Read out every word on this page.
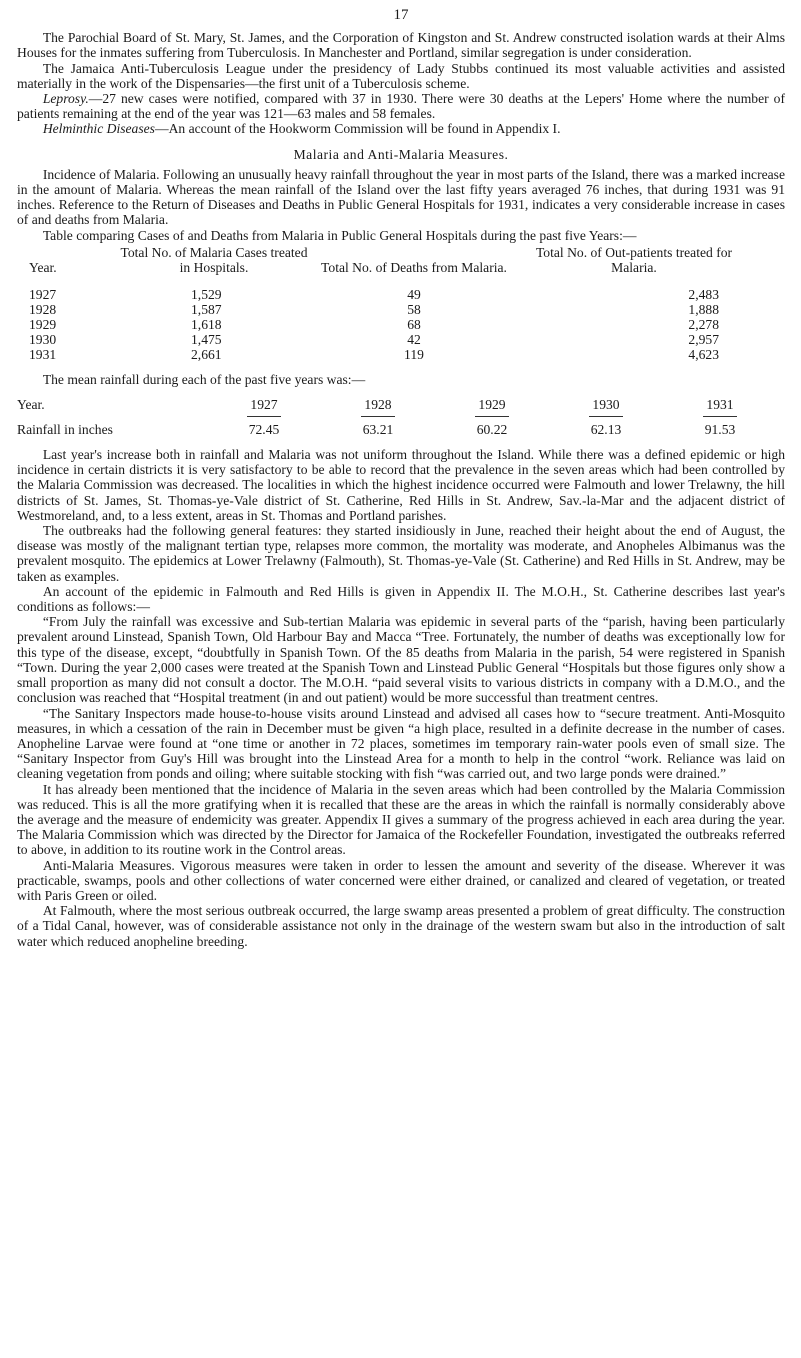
17

The Parochial Board of St. Mary, St. James, and the Corporation of Kingston and St. Andrew constructed isolation wards at their Alms Houses for the inmates suffering from Tuberculosis. In Manchester and Portland, similar segregation is under consideration.

The Jamaica Anti-Tuberculosis League under the presidency of Lady Stubbs continued its most valuable activities and assisted materially in the work of the Dispensaries—the first unit of a Tuberculosis scheme.

Leprosy.—27 new cases were notified, compared with 37 in 1930. There were 30 deaths at the Lepers' Home where the number of patients remaining at the end of the year was 121—63 males and 58 females.

Helminthic Diseases—An account of the Hookworm Commission will be found in Appendix I.

Malaria and Anti-Malaria Measures.

Incidence of Malaria. Following an unusually heavy rainfall throughout the year in most parts of the Island, there was a marked increase in the amount of Malaria. Whereas the mean rainfall of the Island over the last fifty years averaged 76 inches, that during 1931 was 91 inches. Reference to the Return of Diseases and Deaths in Public General Hospitals for 1931, indicates a very considerable increase in cases of and deaths from Malaria.

Table comparing Cases of and Deaths from Malaria in Public General Hospitals during the past five Years:—

Year.	Total No. of Malaria Cases treated in Hospitals.	Total No. of Deaths from Malaria.	Total No. of Out-patients treated for Malaria.

1927	1,529	49	2,483
1928	1,587	58	1,888
1929	1,618	68	2,278
1930	1,475	42	2,957
1931	2,661	119	4,623

The mean rainfall during each of the past five years was:—

Year.	1927	1928	1929	1930	1931

Rainfall in inches	72.45	63.21	60.22	62.13	91.53

Last year's increase both in rainfall and Malaria was not uniform throughout the Island. While there was a defined epidemic or high incidence in certain districts it is very satisfactory to be able to record that the prevalence in the seven areas which had been controlled by the Malaria Commission was decreased. The localities in which the highest incidence occurred were Falmouth and lower Trelawny, the hill districts of St. James, St. Thomas-ye-Vale district of St. Catherine, Red Hills in St. Andrew, Sav.-la-Mar and the adjacent district of Westmoreland, and, to a less extent, areas in St. Thomas and Portland parishes.

The outbreaks had the following general features: they started insidiously in June, reached their height about the end of August, the disease was mostly of the malignant tertian type, relapses more common, the mortality was moderate, and Anopheles Albimanus was the prevalent mosquito. The epidemics at Lower Trelawny (Falmouth), St. Thomas-ye-Vale (St. Catherine) and Red Hills in St. Andrew, may be taken as examples.

An account of the epidemic in Falmouth and Red Hills is given in Appendix II. The M.O.H., St. Catherine describes last year's conditions as follows:—

“From July the rainfall was excessive and Sub-tertian Malaria was epidemic in several parts of the “parish, having been particularly prevalent around Linstead, Spanish Town, Old Harbour Bay and Macca “Tree. Fortunately, the number of deaths was exceptionally low for this type of the disease, except, “doubtfully in Spanish Town. Of the 85 deaths from Malaria in the parish, 54 were registered in Spanish “Town. During the year 2,000 cases were treated at the Spanish Town and Linstead Public General “Hospitals but those figures only show a small proportion as many did not consult a doctor. The M.O.H. “paid several visits to various districts in company with a D.M.O., and the conclusion was reached that “Hospital treatment (in and out patient) would be more successful than treatment centres.

“The Sanitary Inspectors made house-to-house visits around Linstead and advised all cases how to “secure treatment. Anti-Mosquito measures, in which a cessation of the rain in December must be given “a high place, resulted in a definite decrease in the number of cases. Anopheline Larvae were found at “one time or another in 72 places, sometimes im temporary rain-water pools even of small size. The “Sanitary Inspector from Guy's Hill was brought into the Linstead Area for a month to help in the control “work. Reliance was laid on cleaning vegetation from ponds and oiling; where suitable stocking with fish “was carried out, and two large ponds were drained.”

It has already been mentioned that the incidence of Malaria in the seven areas which had been controlled by the Malaria Commission was reduced. This is all the more gratifying when it is recalled that these are the areas in which the rainfall is normally considerably above the average and the measure of endemicity was greater. Appendix II gives a summary of the progress achieved in each area during the year. The Malaria Commission which was directed by the Director for Jamaica of the Rockefeller Foundation, investigated the outbreaks referred to above, in addition to its routine work in the Control areas.

Anti-Malaria Measures. Vigorous measures were taken in order to lessen the amount and severity of the disease. Wherever it was practicable, swamps, pools and other collections of water concerned were either drained, or canalized and cleared of vegetation, or treated with Paris Green or oiled.

At Falmouth, where the most serious outbreak occurred, the large swamp areas presented a problem of great difficulty. The construction of a Tidal Canal, however, was of considerable assistance not only in the drainage of the western swam but also in the introduction of salt water which reduced anopheline breeding.
